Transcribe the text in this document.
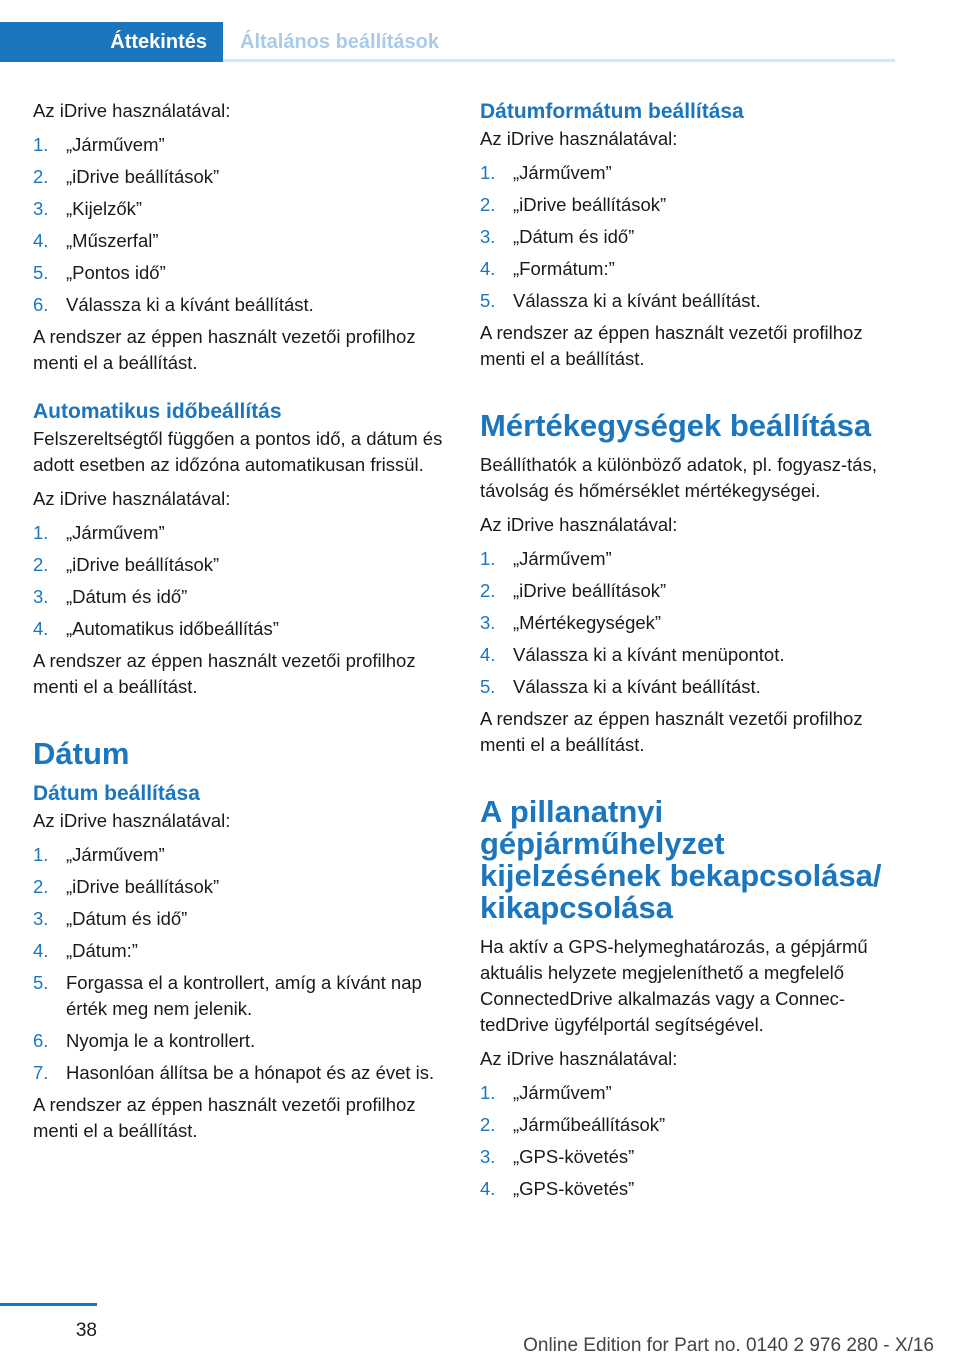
Áttekintés	Általános beállítások

Az iDrive használatával:

1. „Járművem”
2. „iDrive beállítások”
3. „Kijelzők”
4. „Műszerfal”
5. „Pontos idő”
6. Válassza ki a kívánt beállítást.

A rendszer az éppen használt vezetői profilhoz menti el a beállítást.

Automatikus időbeállítás

Felszereltségtől függően a pontos idő, a dátum és adott esetben az időzóna automatikusan frissül.

Az iDrive használatával:

1. „Járművem”
2. „iDrive beállítások”
3. „Dátum és idő”
4. „Automatikus időbeállítás”

A rendszer az éppen használt vezetői profilhoz menti el a beállítást.

Dátum
Dátum beállítása

Az iDrive használatával:

1. „Járművem”
2. „iDrive beállítások”
3. „Dátum és idő”
4. „Dátum:”
5. Forgassa el a kontrollert, amíg a kívánt nap érték meg nem jelenik.
6. Nyomja le a kontrollert.
7. Hasonlóan állítsa be a hónapot és az évet is.

A rendszer az éppen használt vezetői profilhoz menti el a beállítást.

Dátumformátum beállítása

Az iDrive használatával:

1. „Járművem”
2. „iDrive beállítások”
3. „Dátum és idő”
4. „Formátum:”
5. Válassza ki a kívánt beállítást.

A rendszer az éppen használt vezetői profilhoz menti el a beállítást.

Mértékegységek beállítása

Beállíthatók a különböző adatok, pl. fogyasz-tás, távolság és hőmérséklet mértékegységei.

Az iDrive használatával:

1. „Járművem”
2. „iDrive beállítások”
3. „Mértékegységek”
4. Válassza ki a kívánt menüpontot.
5. Válassza ki a kívánt beállítást.

A rendszer az éppen használt vezetői profilhoz menti el a beállítást.

A pillanatnyi gépjárműhelyzet kijelzésének bekapcsolása/ kikapcsolása

Ha aktív a GPS-helymeghatározás, a gépjármű aktuális helyzete megjeleníthető a megfelelő ConnectedDrive alkalmazás vagy a Connec-tedDrive ügyfélportál segítségével.

Az iDrive használatával:

1. „Járművem”
2. „Járműbeállítások”
3. „GPS-követés”
4. „GPS-követés”
38
Online Edition for Part no. 0140 2 976 280 - X/16
